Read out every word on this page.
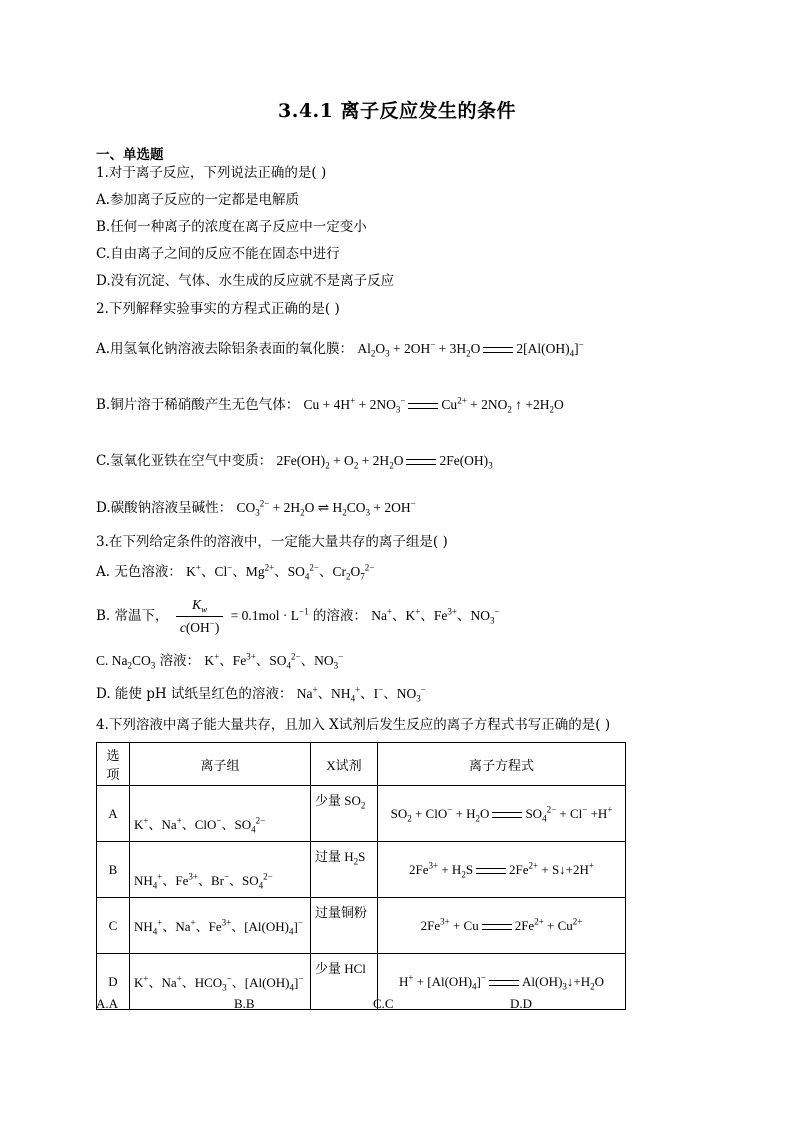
3.4.1 离子反应发生的条件
一、单选题
1.对于离子反应，下列说法正确的是( )
A.参加离子反应的一定都是电解质
B.任何一种离子的浓度在离子反应中一定变小
C.自由离子之间的反应不能在固态中进行
D.没有沉淀、气体、水生成的反应就不是离子反应
2.下列解释实验事实的方程式正确的是( )
A.用氢氧化钠溶液去除铝条表面的氧化膜： $Al_2O_3 + 2OH^- + 3H_2O$	$2[Al(OH)_4]^-$
B.铜片溶于稀硝酸产生无色气体： $Cu + 4H^+ + 2NO_3^-$	$Cu^{2+} + 2NO_2$ ↑ $+2H_2O$
C.氢氧化亚铁在空气中变质： $2Fe(OH)_2 + O_2 + 2H_2O$	$2Fe(OH)_3$
D.碳酸钠溶液呈碱性： $CO_3^{2-} + 2H_2O$ ⇌ $H_2CO_3 + 2OH^-$
3.在下列给定条件的溶液中，一定能大量共存的离子组是( )
A. 无色溶液： K+、Cl−、$Mg^{2+}$、$SO_4^{2-}$、$Cr_2O_7^{2-}$
B. 常温下， $\frac{K_w}{c(OH^-)} = 0.1mol \cdot L^{-1}$ 的溶液： Na+、K+、$Fe^{3+}$、$NO_3^-$
C. $Na_2CO_3$ 溶液： K+、$Fe^{3+}$、$SO_4^{2-}$、$NO_3^-$
D. 能使 pH 试纸呈红色的溶液： Na+、$NH_4^+$、I−、$NO_3^-$
4.下列溶液中离子能大量共存，且加入 X试剂后发生反应的离子方程式书写正确的是( )
选项	离子组	X试剂	离子方程式
A	K+、Na+、ClO−、$SO_4^{2-}$	少量 $SO_2$	$SO_2 + ClO^- + H_2O$ $SO_4^{2-} + Cl^- +H^+$
B	$NH_4^+$、$Fe^{3+}$、Br−、$SO_4^{2-}$	过量 $H_2S$	$2Fe^{3+} + H_2S$ $2Fe^{2+}$ + S↓+2H+
C	$NH_4^+$、Na+、$Fe^{3+}$、$[Al(OH)_4]^-$	过量铜粉	$2Fe^{3+} + Cu$ $2Fe^{2+} + Cu^{2+}$
D	K+、Na+、$HCO_3^-$、$[Al(OH)_4]^-$	少量 HCl	$H^+ + [Al(OH)_4]^-$ $Al(OH)_3↓+H_2O$
A.A	B.B	C.C	D.D
